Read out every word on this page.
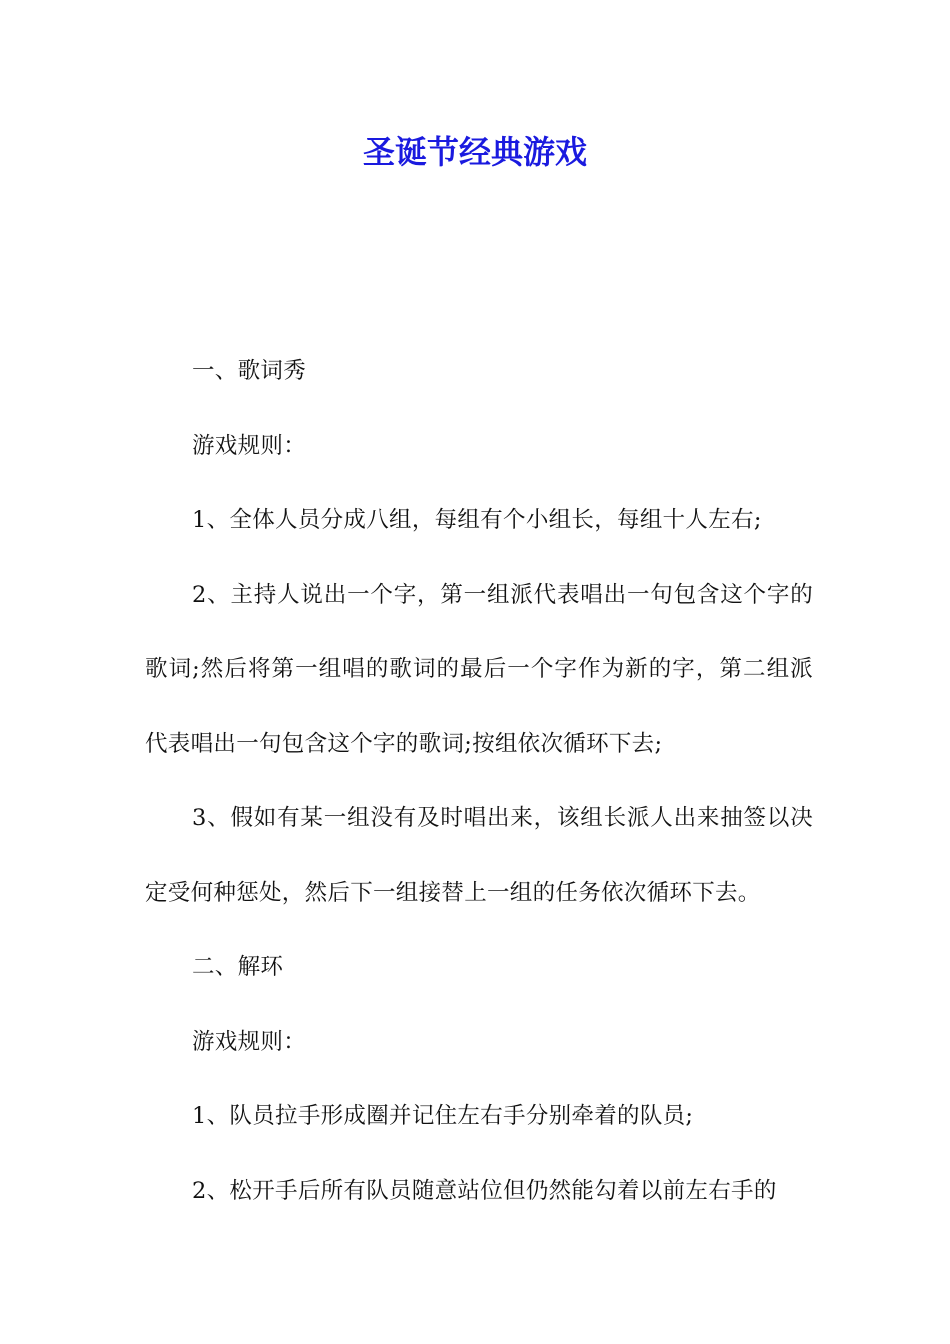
圣诞节经典游戏

一、歌词秀

游戏规则：

1、全体人员分成八组，每组有个小组长，每组十人左右;

2、主持人说出一个字，第一组派代表唱出一句包含这个字的歌词;然后将第一组唱的歌词的最后一个字作为新的字，第二组派代表唱出一句包含这个字的歌词;按组依次循环下去;

3、假如有某一组没有及时唱出来，该组长派人出来抽签以决定受何种惩处，然后下一组接替上一组的任务依次循环下去。

二、解环

游戏规则：

1、队员拉手形成圈并记住左右手分别牵着的队员;

2、松开手后所有队员随意站位但仍然能勾着以前左右手的
